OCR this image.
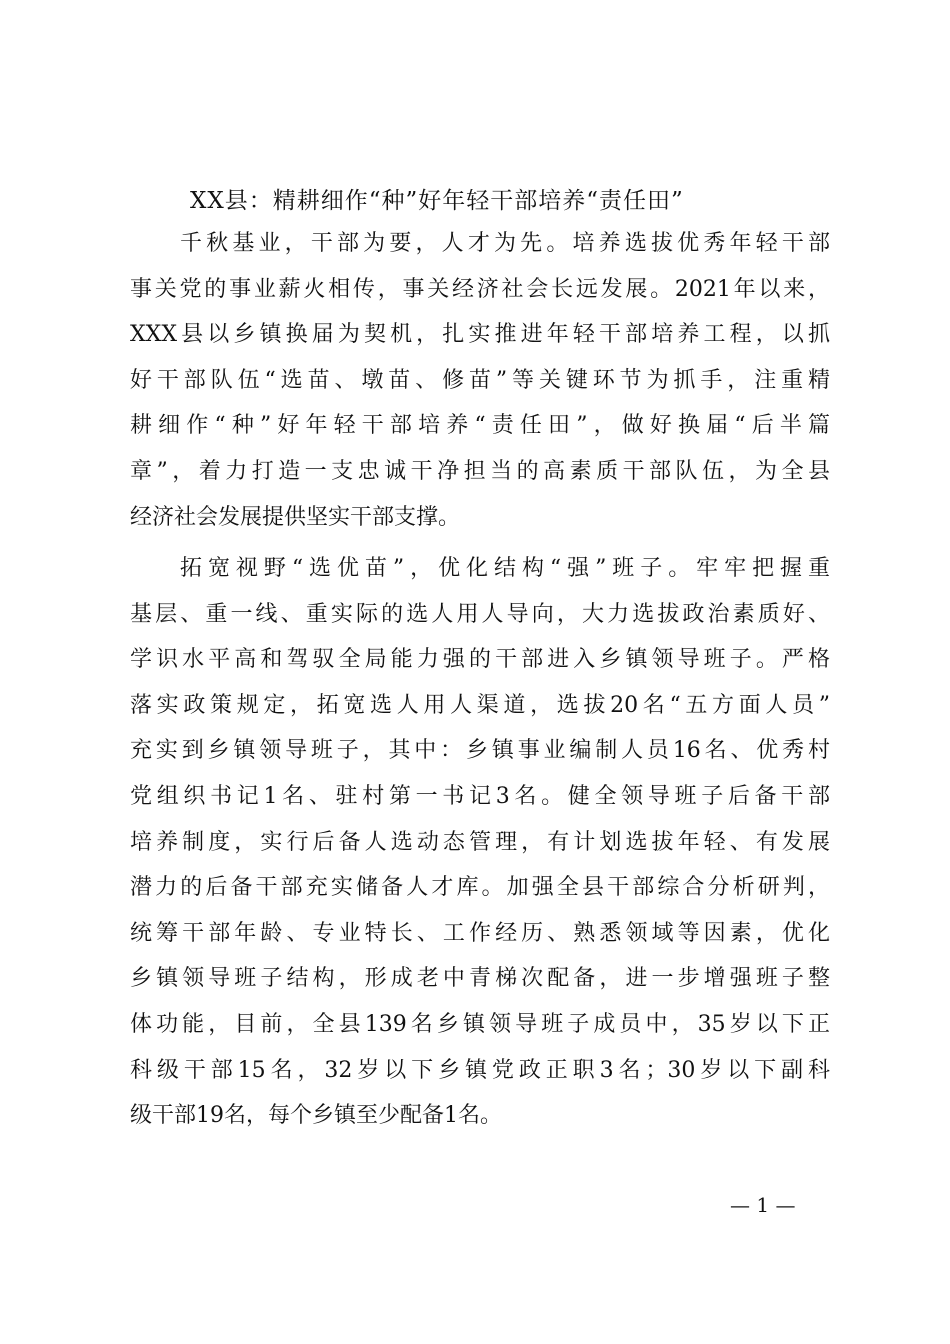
XX县：精耕细作“种”好年轻干部培养“责任田”
千秋基业，干部为要，人才为先。培养选拔优秀年轻干部
事关党的事业薪火相传，事关经济社会长远发展。2021年以来，
XXX县以乡镇换届为契机，扎实推进年轻干部培养工程，以抓
好干部队伍“选苗、墩苗、修苗”等关键环节为抓手，注重精
耕细作“种”好年轻干部培养“责任田”，做好换届“后半篇
章”，着力打造一支忠诚干净担当的高素质干部队伍，为全县
经济社会发展提供坚实干部支撑。
拓宽视野“选优苗”，优化结构“强”班子。牢牢把握重
基层、重一线、重实际的选人用人导向，大力选拔政治素质好、
学识水平高和驾驭全局能力强的干部进入乡镇领导班子。严格
落实政策规定，拓宽选人用人渠道，选拔20名“五方面人员”
充实到乡镇领导班子，其中：乡镇事业编制人员16名、优秀村
党组织书记1名、驻村第一书记3名。健全领导班子后备干部
培养制度，实行后备人选动态管理，有计划选拔年轻、有发展
潜力的后备干部充实储备人才库。加强全县干部综合分析研判，
统筹干部年龄、专业特长、工作经历、熟悉领域等因素，优化
乡镇领导班子结构，形成老中青梯次配备，进一步增强班子整
体功能，目前，全县139名乡镇领导班子成员中，35岁以下正
科级干部15名，32岁以下乡镇党政正职3名；30岁以下副科
级干部19名，每个乡镇至少配备1名。
— 1 —
